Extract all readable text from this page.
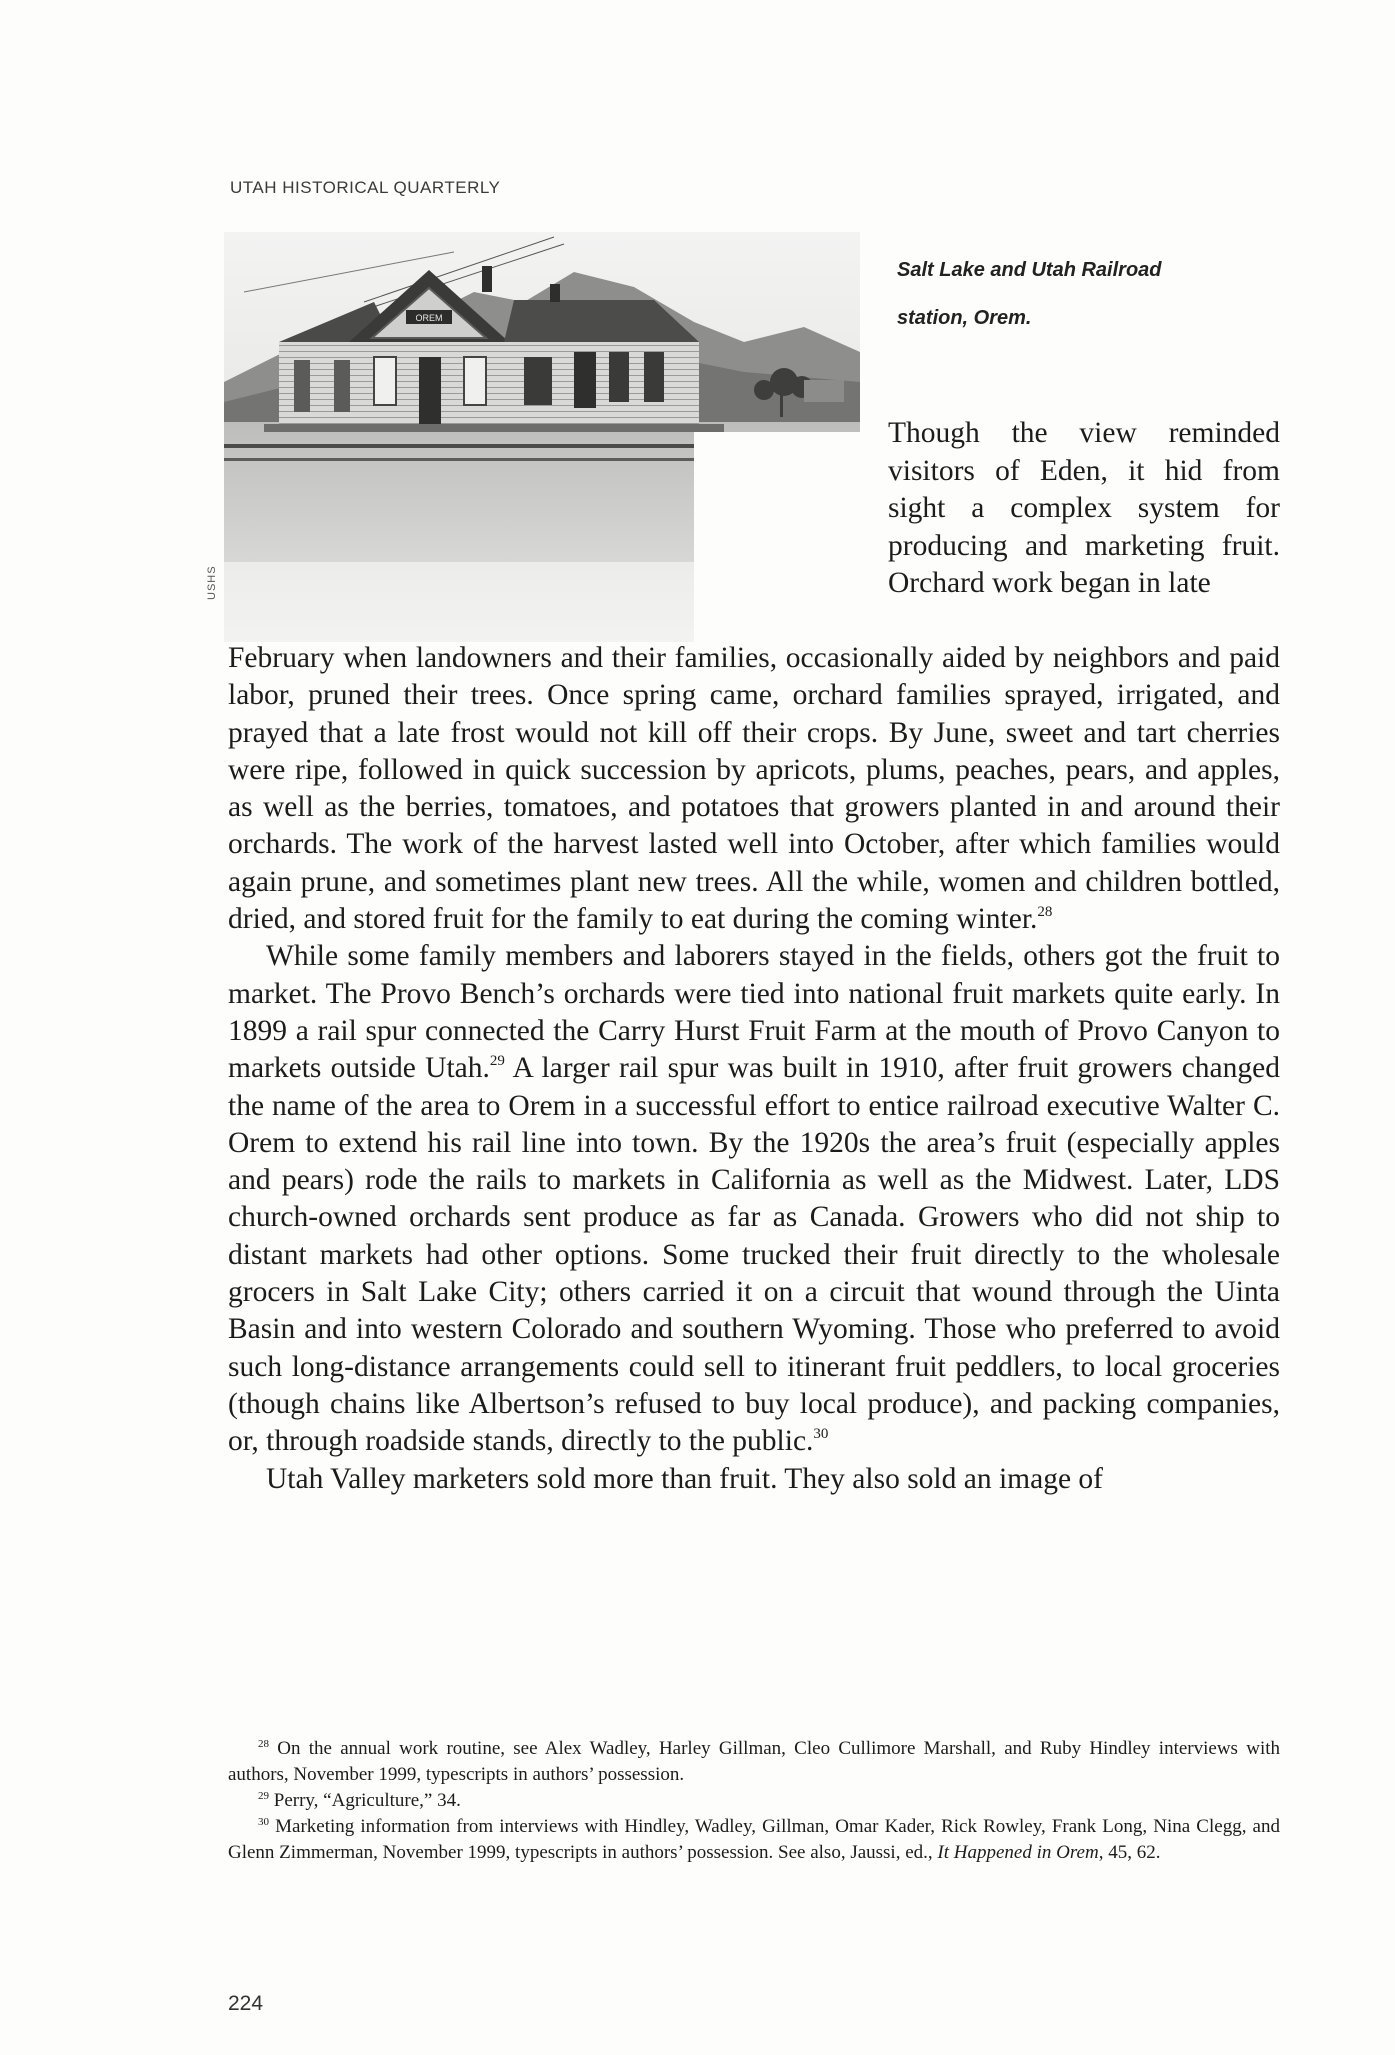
UTAH HISTORICAL QUARTERLY
OREM
USHS
Salt Lake and Utah Railroad
station, Orem.

Though the view reminded visitors of Eden, it hid from sight a complex system for producing and marketing fruit. Orchard work began in late

February when landowners and their families, occasionally aided by neighbors and paid labor, pruned their trees. Once spring came, orchard families sprayed, irrigated, and prayed that a late frost would not kill off their crops. By June, sweet and tart cherries were ripe, followed in quick succession by apricots, plums, peaches, pears, and apples, as well as the berries, tomatoes, and potatoes that growers planted in and around their orchards. The work of the harvest lasted well into October, after which families would again prune, and sometimes plant new trees. All the while, women and children bottled, dried, and stored fruit for the family to eat during the coming winter.$^{28}$

While some family members and laborers stayed in the fields, others got the fruit to market. The Provo Bench’s orchards were tied into national fruit markets quite early. In 1899 a rail spur connected the Carry Hurst Fruit Farm at the mouth of Provo Canyon to markets outside Utah.$^{29}$ A larger rail spur was built in 1910, after fruit growers changed the name of the area to Orem in a successful effort to entice railroad executive Walter C. Orem to extend his rail line into town. By the 1920s the area’s fruit (especially apples and pears) rode the rails to markets in California as well as the Midwest. Later, LDS church-owned orchards sent produce as far as Canada. Growers who did not ship to distant markets had other options. Some trucked their fruit directly to the wholesale grocers in Salt Lake City; others carried it on a circuit that wound through the Uinta Basin and into western Colorado and southern Wyoming. Those who preferred to avoid such long-distance arrangements could sell to itinerant fruit peddlers, to local groceries (though chains like Albertson’s refused to buy local produce), and packing companies, or, through roadside stands, directly to the public.$^{30}$

Utah Valley marketers sold more than fruit. They also sold an image of

$^{28}$ On the annual work routine, see Alex Wadley, Harley Gillman, Cleo Cullimore Marshall, and Ruby Hindley interviews with authors, November 1999, typescripts in authors’ possession.

$^{29}$ Perry, “Agriculture,” 34.

$^{30}$ Marketing information from interviews with Hindley, Wadley, Gillman, Omar Kader, Rick Rowley, Frank Long, Nina Clegg, and Glenn Zimmerman, November 1999, typescripts in authors’ possession. See also, Jaussi, ed., It Happened in Orem, 45, 62.

224
